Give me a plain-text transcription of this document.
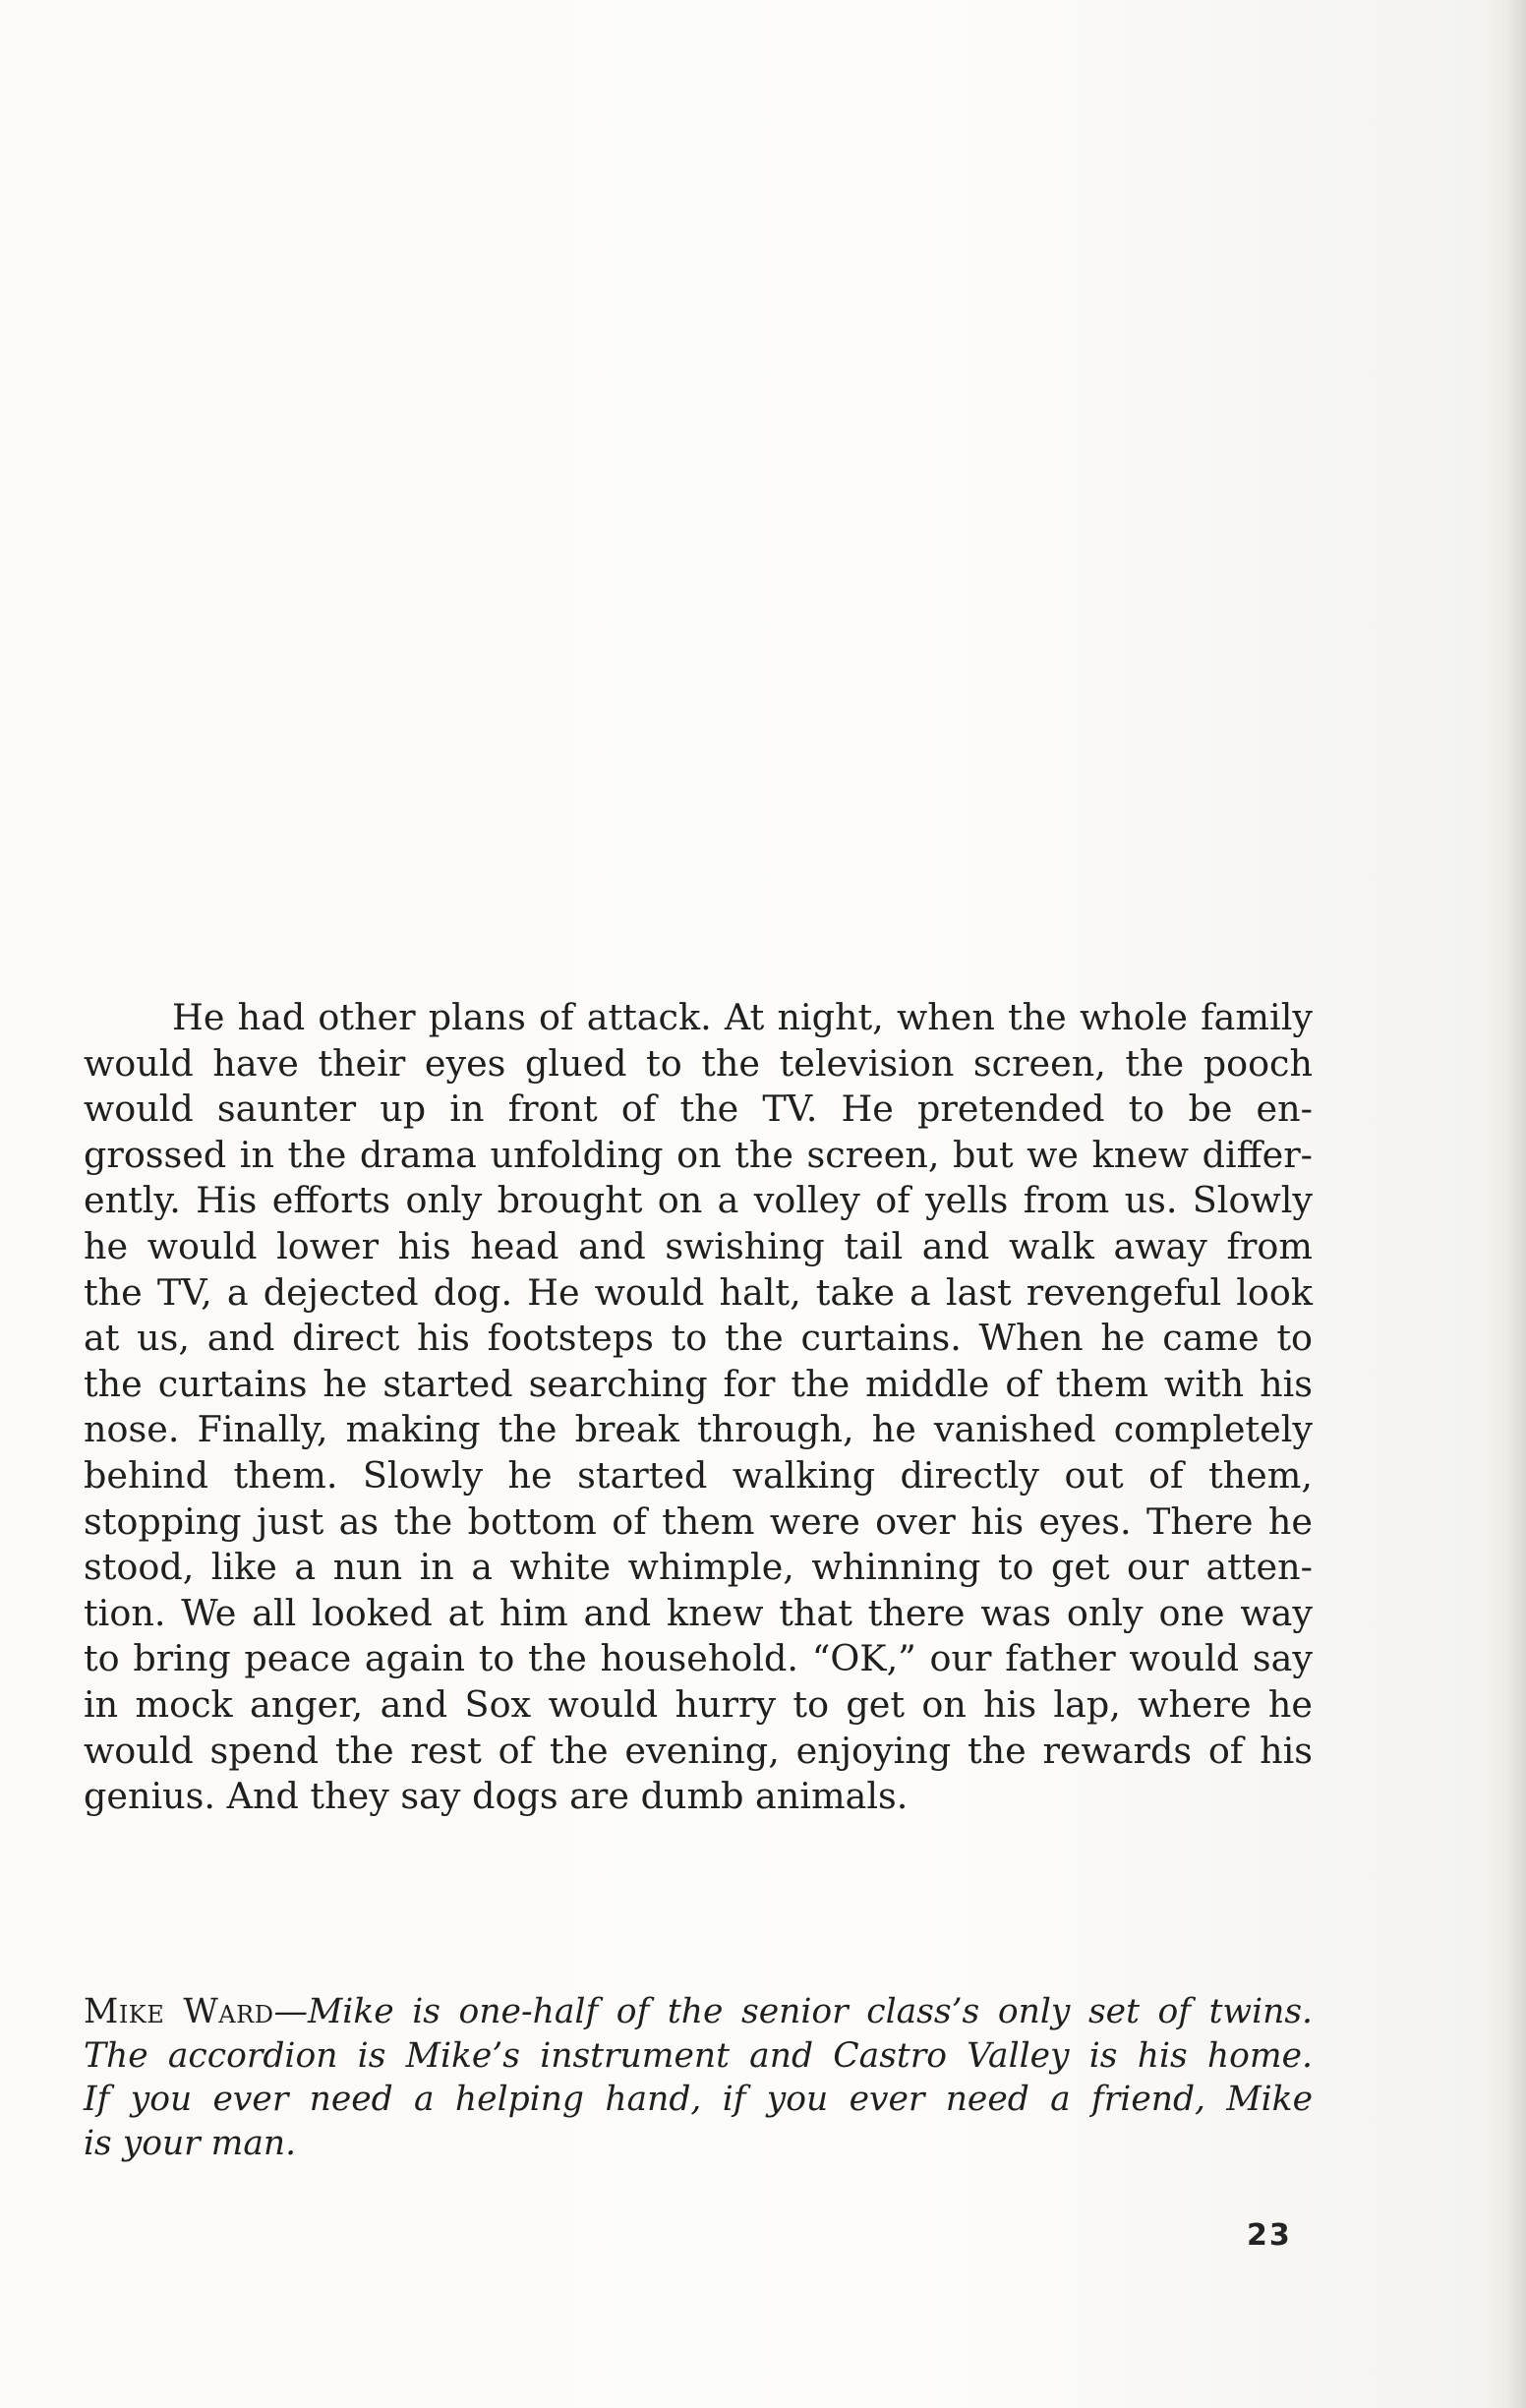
He had other plans of attack. At night, when the whole family
would have their eyes glued to the television screen, the pooch
would saunter up in front of the TV. He pretended to be en-
grossed in the drama unfolding on the screen, but we knew differ-
ently. His efforts only brought on a volley of yells from us. Slowly
he would lower his head and swishing tail and walk away from
the TV, a dejected dog. He would halt, take a last revengeful look
at us, and direct his footsteps to the curtains. When he came to
the curtains he started searching for the middle of them with his
nose. Finally, making the break through, he vanished completely
behind them. Slowly he started walking directly out of them,
stopping just as the bottom of them were over his eyes. There he
stood, like a nun in a white whimple, whinning to get our atten-
tion. We all looked at him and knew that there was only one way
to bring peace again to the household. “OK,” our father would say
in mock anger, and Sox would hurry to get on his lap, where he
would spend the rest of the evening, enjoying the rewards of his
genius. And they say dogs are dumb animals.
Mike Ward—Mike is one-half of the senior class’s only set of twins.
The accordion is Mike’s instrument and Castro Valley is his home.
If you ever need a helping hand, if you ever need a friend, Mike
is your man.
23
